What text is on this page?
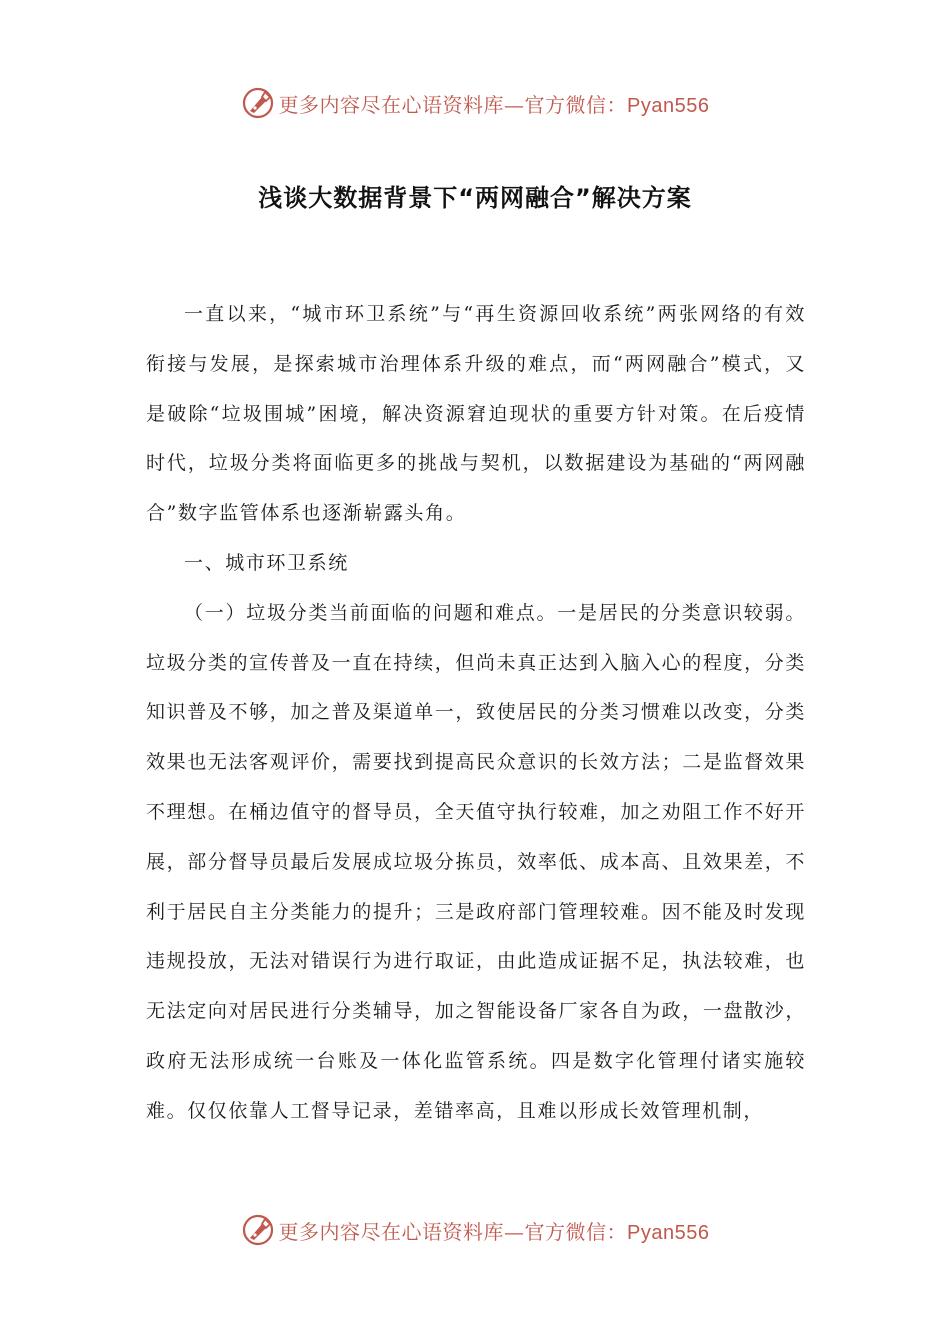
更多内容尽在心语资料库—官方微信：Pyan556
浅谈大数据背景下“两网融合”解决方案

一直以来，“城市环卫系统”与“再生资源回收系统”两张网络的有效衔接与发展，是探索城市治理体系升级的难点，而“两网融合”模式，又是破除“垃圾围城”困境，解决资源窘迫现状的重要方针对策。在后疫情时代，垃圾分类将面临更多的挑战与契机，以数据建设为基础的“两网融合”数字监管体系也逐渐崭露头角。

一、城市环卫系统

（一）垃圾分类当前面临的问题和难点。一是居民的分类意识较弱。垃圾分类的宣传普及一直在持续，但尚未真正达到入脑入心的程度，分类知识普及不够，加之普及渠道单一，致使居民的分类习惯难以改变，分类效果也无法客观评价，需要找到提高民众意识的长效方法；二是监督效果不理想。在桶边值守的督导员，全天值守执行较难，加之劝阻工作不好开展，部分督导员最后发展成垃圾分拣员，效率低、成本高、且效果差，不利于居民自主分类能力的提升；三是政府部门管理较难。因不能及时发现违规投放，无法对错误行为进行取证，由此造成证据不足，执法较难，也无法定向对居民进行分类辅导，加之智能设备厂家各自为政，一盘散沙，政府无法形成统一台账及一体化监管系统。四是数字化管理付诸实施较难。仅仅依靠人工督导记录，差错率高，且难以形成长效管理机制，

更多内容尽在心语资料库—官方微信：Pyan556
